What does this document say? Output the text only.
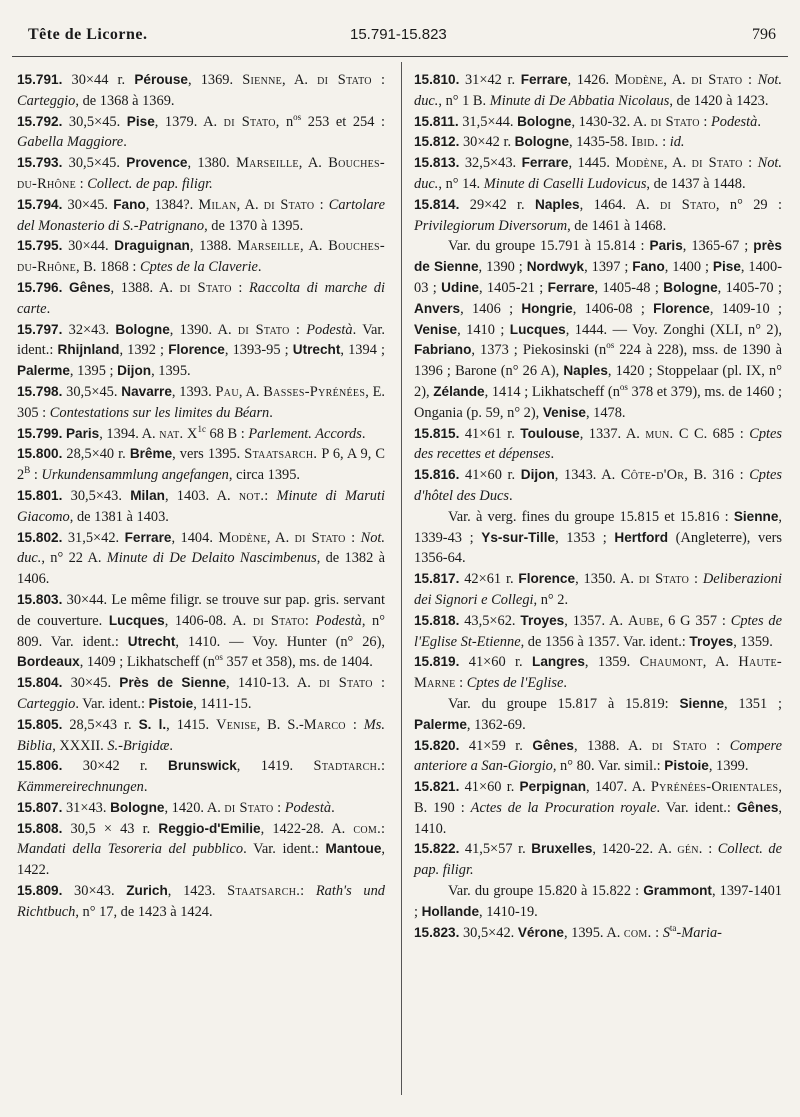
Tête de Licorne.	15.791-15.823	796

15.791. 30×44 r. Pérouse, 1369. Sienne, A. di Stato : Carteggio, de 1368 à 1369.

15.792. 30,5×45. Pise, 1379. A. di Stato, $n^{os}$ 253 et 254 : Gabella Maggiore.

15.793. 30,5×45. Provence, 1380. Marseille, A. Bouches-du-Rhône : Collect. de pap. filigr.

15.794. 30×45. Fano, 1384?. Milan, A. di Stato : Cartolare del Monasterio di S.-Patrignano, de 1370 à 1395.

15.795. 30×44. Draguignan, 1388. Marseille, A. Bouches-du-Rhône, B. 1868 : Cptes de la Claverie.

15.796. Gênes, 1388. A. di Stato : Raccolta di marche di carte.

15.797. 32×43. Bologne, 1390. A. di Stato : Podestà. Var. ident.: Rhijnland, 1392 ; Florence, 1393-95 ; Utrecht, 1394 ; Palerme, 1395 ; Dijon, 1395.

15.798. 30,5×45. Navarre, 1393. Pau, A. Basses-Pyrénées, E. 305 : Contestations sur les limites du Béarn.

15.799. Paris, 1394. A. nat. $X^{1c}$ 68 B : Parlement. Accords.

15.800. 28,5×40 r. Brême, vers 1395. Staatsarch. P 6, A 9, C $2^B$ : Urkundensammlung angefangen, circa 1395.

15.801. 30,5×43. Milan, 1403. A. not.: Minute di Maruti Giacomo, de 1381 à 1403.

15.802. 31,5×42. Ferrare, 1404. Modène, A. di Stato : Not. duc., n° 22 A. Minute di De Delaito Nascimbenus, de 1382 à 1406.

15.803. 30×44. Le même filigr. se trouve sur pap. gris. servant de couverture. Lucques, 1406-08. A. di Stato: Podestà, n° 809. Var. ident.: Utrecht, 1410. — Voy. Hunter (n° 26), Bordeaux, 1409 ; Likhatscheff ($n^{os}$ 357 et 358), ms. de 1404.

15.804. 30×45. Près de Sienne, 1410-13. A. di Stato : Carteggio. Var. ident.: Pistoie, 1411-15.

15.805. 28,5×43 r. S. l., 1415. Venise, B. S.-Marco : Ms. Biblia, XXXII. S.-Brigidæ.

15.806. 30×42 r. Brunswick, 1419. Stadtarch.: Kämmereirechnungen.

15.807. 31×43. Bologne, 1420. A. di Stato : Podestà.

15.808. 30,5 × 43 r. Reggio-d'Emilie, 1422-28. A. com.: Mandati della Tesoreria del pubblico. Var. ident.: Mantoue, 1422.

15.809. 30×43. Zurich, 1423. Staatsarch.: Rath's und Richtbuch, n° 17, de 1423 à 1424.

15.810. 31×42 r. Ferrare, 1426. Modène, A. di Stato : Not. duc., n° 1 B. Minute di De Abbatia Nicolaus, de 1420 à 1423.

15.811. 31,5×44. Bologne, 1430-32. A. di Stato : Podestà.

15.812. 30×42 r. Bologne, 1435-58. Ibid. : id.

15.813. 32,5×43. Ferrare, 1445. Modène, A. di Stato : Not. duc., n° 14. Minute di Caselli Ludovicus, de 1437 à 1448.

15.814. 29×42 r. Naples, 1464. A. di Stato, n° 29 : Privilegiorum Diversorum, de 1461 à 1468.

Var. du groupe 15.791 à 15.814 : Paris, 1365-67 ; près de Sienne, 1390 ; Nordwyk, 1397 ; Fano, 1400 ; Pise, 1400-03 ; Udine, 1405-21 ; Ferrare, 1405-48 ; Bologne, 1405-70 ; Anvers, 1406 ; Hongrie, 1406-08 ; Florence, 1409-10 ; Venise, 1410 ; Lucques, 1444. — Voy. Zonghi (XLI, n° 2), Fabriano, 1373 ; Piekosinski ($n^{os}$ 224 à 228), mss. de 1390 à 1396 ; Barone (n° 26 A), Naples, 1420 ; Stoppelaar (pl. IX, n° 2), Zélande, 1414 ; Likhatscheff ($n^{os}$ 378 et 379), ms. de 1460 ; Ongania (p. 59, n° 2), Venise, 1478.

15.815. 41×61 r. Toulouse, 1337. A. mun. C C. 685 : Cptes des recettes et dépenses.

15.816. 41×60 r. Dijon, 1343. A. Côte-d'Or, B. 316 : Cptes d'hôtel des Ducs.

Var. à verg. fines du groupe 15.815 et 15.816 : Sienne, 1339-43 ; Ys-sur-Tille, 1353 ; Hertford (Angleterre), vers 1356-64.

15.817. 42×61 r. Florence, 1350. A. di Stato : Deliberazioni dei Signori e Collegi, n° 2.

15.818. 43,5×62. Troyes, 1357. A. Aube, 6 G 357 : Cptes de l'Eglise St-Etienne, de 1356 à 1357. Var. ident.: Troyes, 1359.

15.819. 41×60 r. Langres, 1359. Chaumont, A. Haute-Marne : Cptes de l'Eglise.

Var. du groupe 15.817 à 15.819: Sienne, 1351 ; Palerme, 1362-69.

15.820. 41×59 r. Gênes, 1388. A. di Stato : Compere anteriore a San-Giorgio, n° 80. Var. simil.: Pistoie, 1399.

15.821. 41×60 r. Perpignan, 1407. A. Pyrénées-Orientales, B. 190 : Actes de la Procuration royale. Var. ident.: Gênes, 1410.

15.822. 41,5×57 r. Bruxelles, 1420-22. A. gén. : Collect. de pap. filigr.

Var. du groupe 15.820 à 15.822 : Grammont, 1397-1401 ; Hollande, 1410-19.

15.823. 30,5×42. Vérone, 1395. A. com. : $S^{ta}-Maria-$
